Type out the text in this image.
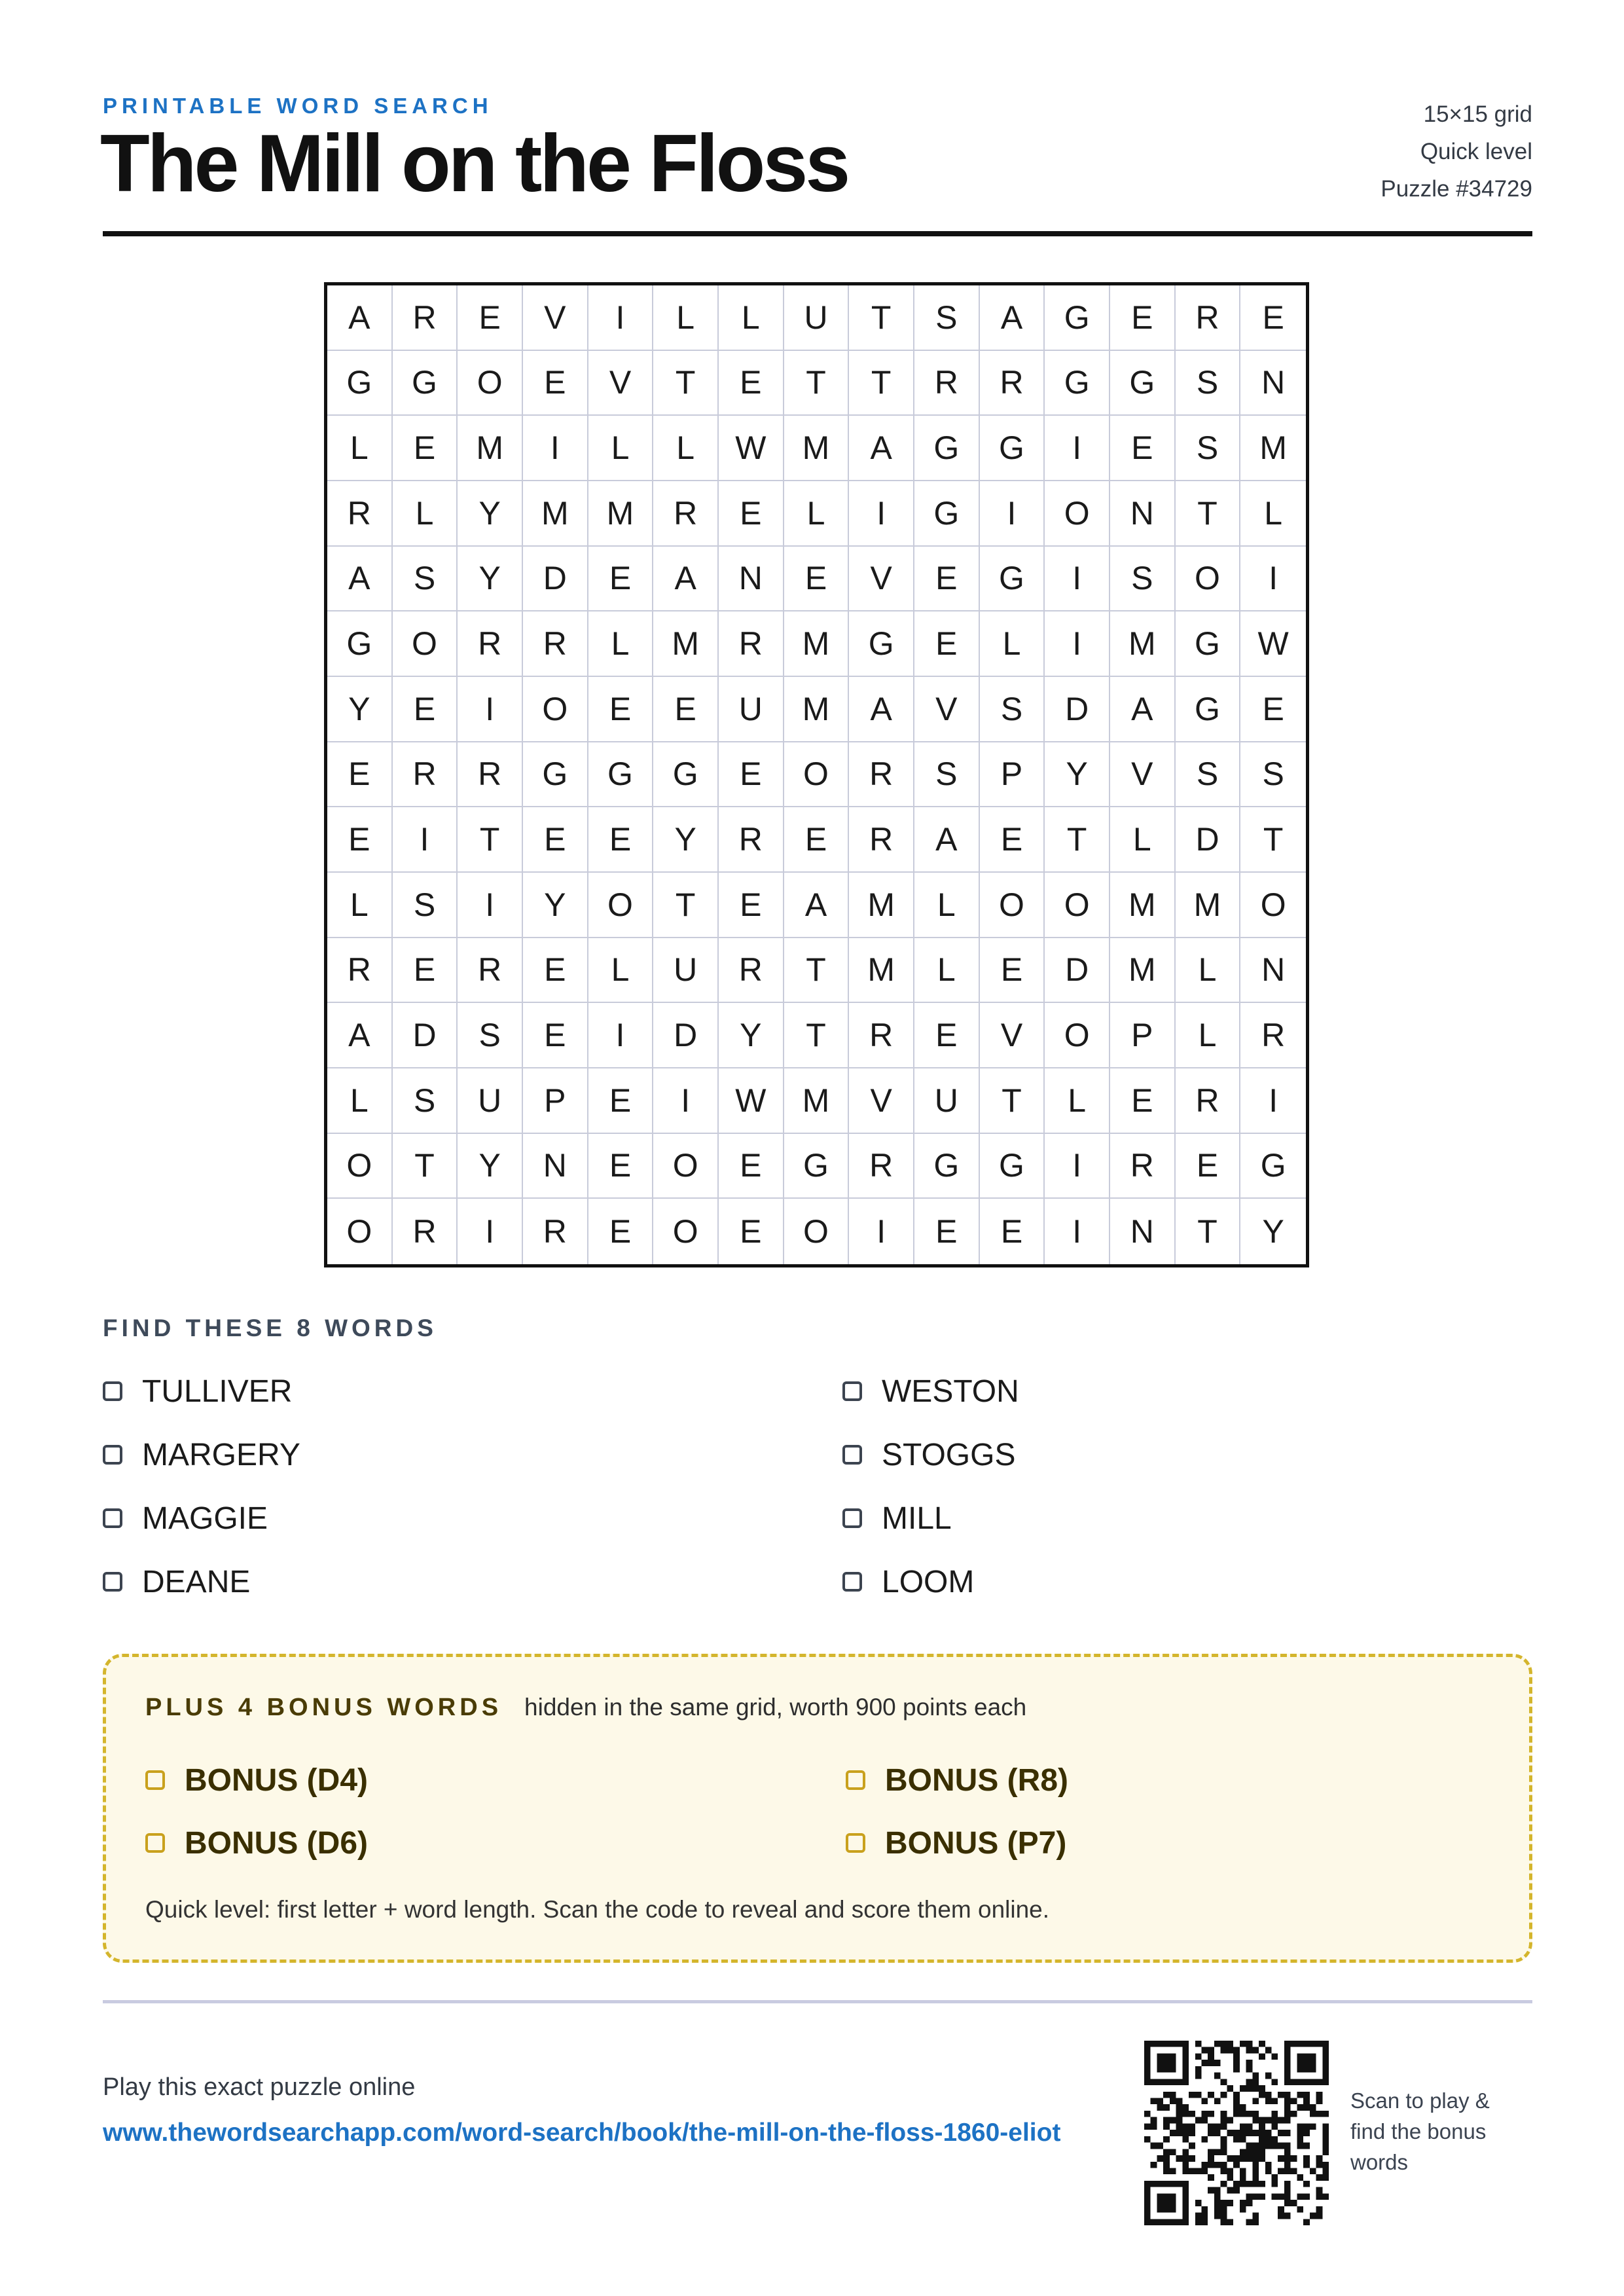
PRINTABLE WORD SEARCH
The Mill on the Floss
15×15 grid
Quick level
Puzzle #34729
A	R	E	V	I	L	L	U	T	S	A	G	E	R	E
G	G	O	E	V	T	E	T	T	R	R	G	G	S	N
L	E	M	I	L	L	W	M	A	G	G	I	E	S	M
R	L	Y	M	M	R	E	L	I	G	I	O	N	T	L
A	S	Y	D	E	A	N	E	V	E	G	I	S	O	I
G	O	R	R	L	M	R	M	G	E	L	I	M	G	W
Y	E	I	O	E	E	U	M	A	V	S	D	A	G	E
E	R	R	G	G	G	E	O	R	S	P	Y	V	S	S
E	I	T	E	E	Y	R	E	R	A	E	T	L	D	T
L	S	I	Y	O	T	E	A	M	L	O	O	M	M	O
R	E	R	E	L	U	R	T	M	L	E	D	M	L	N
A	D	S	E	I	D	Y	T	R	E	V	O	P	L	R
L	S	U	P	E	I	W	M	V	U	T	L	E	R	I
O	T	Y	N	E	O	E	G	R	G	G	I	R	E	G
O	R	I	R	E	O	E	O	I	E	E	I	N	T	Y
FIND THESE 8 WORDS
TULLIVER	WESTON
MARGERY	STOGGS
MAGGIE	MILL
DEANE	LOOM
PLUS 4 BONUS WORDS hidden in the same grid, worth 900 points each
BONUS (D4)	BONUS (R8)
BONUS (D6)	BONUS (P7)
Quick level: first letter + word length. Scan the code to reveal and score them online.
Play this exact puzzle online
www.thewordsearchapp.com/word-search/book/the-mill-on-the-floss-1860-eliot
Scan to play & find the bonus words
